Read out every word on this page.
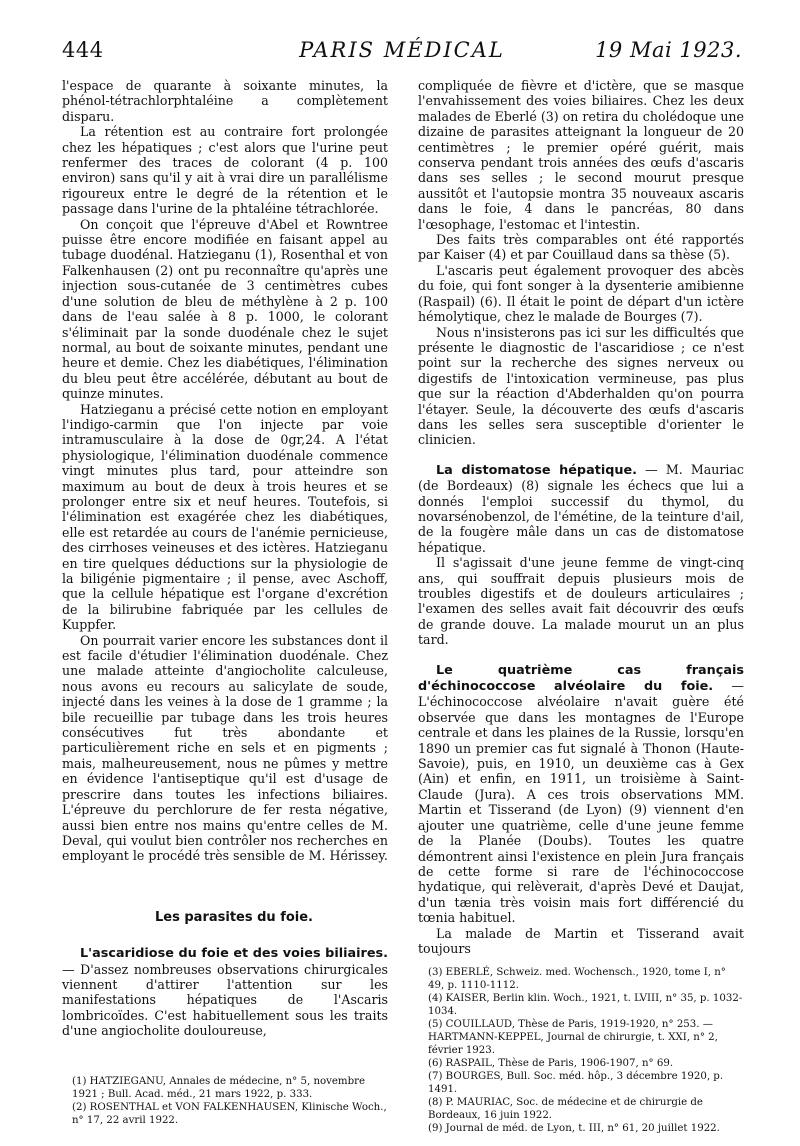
444	PARIS MÉDICAL	19 Mai 1923.

l'espace de quarante à soixante minutes, la phénol-tétrachlorphtaléine a complètement disparu.

La rétention est au contraire fort prolongée chez les hépatiques ; c'est alors que l'urine peut renfermer des traces de colorant (4 p. 100 environ) sans qu'il y ait à vrai dire un parallélisme rigoureux entre le degré de la rétention et le passage dans l'urine de la phtaléine tétrachlorée.

On conçoit que l'épreuve d'Abel et Rowntree puisse être encore modifiée en faisant appel au tubage duodénal. Hatzieganu (1), Rosenthal et von Falkenhausen (2) ont pu reconnaître qu'après une injection sous-cutanée de 3 centimètres cubes d'une solution de bleu de méthylène à 2 p. 100 dans de l'eau salée à 8 p. 1000, le colorant s'éliminait par la sonde duodénale chez le sujet normal, au bout de soixante minutes, pendant une heure et demie. Chez les diabétiques, l'élimination du bleu peut être accélérée, débutant au bout de quinze minutes.

Hatzieganu a précisé cette notion en employant l'indigo-carmin que l'on injecte par voie intramusculaire à la dose de 0gr,24. A l'état physiologique, l'élimination duodénale commence vingt minutes plus tard, pour atteindre son maximum au bout de deux à trois heures et se prolonger entre six et neuf heures. Toutefois, si l'élimination est exagérée chez les diabétiques, elle est retardée au cours de l'anémie pernicieuse, des cirrhoses veineuses et des ictères. Hatzieganu en tire quelques déductions sur la physiologie de la biligénie pigmentaire ; il pense, avec Aschoff, que la cellule hépatique est l'organe d'excrétion de la bilirubine fabriquée par les cellules de Kuppfer.

On pourrait varier encore les substances dont il est facile d'étudier l'élimination duodénale. Chez une malade atteinte d'angiocholite calculeuse, nous avons eu recours au salicylate de soude, injecté dans les veines à la dose de 1 gramme ; la bile recueillie par tubage dans les trois heures consécutives fut très abondante et particulièrement riche en sels et en pigments ; mais, malheureusement, nous ne pûmes y mettre en évidence l'antiseptique qu'il est d'usage de prescrire dans toutes les infections biliaires. L'épreuve du perchlorure de fer resta négative, aussi bien entre nos mains qu'entre celles de M. Deval, qui voulut bien contrôler nos recherches en employant le procédé très sensible de M. Hérissey.

Les parasites du foie.

L'ascaridiose du foie et des voies biliaires. — D'assez nombreuses observations chirurgicales viennent d'attirer l'attention sur les manifestations hépatiques de l'Ascaris lombricoïdes. C'est habituellement sous les traits d'une angiocholite douloureuse,

(1) HATZIEGANU, Annales de médecine, n° 5, novembre 1921 ; Bull. Acad. méd., 21 mars 1922, p. 333.

(2) ROSENTHAL et VON FALKENHAUSEN, Klinische Woch., n° 17, 22 avril 1922.

compliquée de fièvre et d'ictère, que se masque l'envahissement des voies biliaires. Chez les deux malades de Eberlé (3) on retira du cholédoque une dizaine de parasites atteignant la longueur de 20 centimètres ; le premier opéré guérit, mais conserva pendant trois années des œufs d'ascaris dans ses selles ; le second mourut presque aussitôt et l'autopsie montra 35 nouveaux ascaris dans le foie, 4 dans le pancréas, 80 dans l'œsophage, l'estomac et l'intestin.

Des faits très comparables ont été rapportés par Kaiser (4) et par Couillaud dans sa thèse (5).

L'ascaris peut également provoquer des abcès du foie, qui font songer à la dysenterie amibienne (Raspail) (6). Il était le point de départ d'un ictère hémolytique, chez le malade de Bourges (7).

Nous n'insisterons pas ici sur les difficultés que présente le diagnostic de l'ascaridiose ; ce n'est point sur la recherche des signes nerveux ou digestifs de l'intoxication vermineuse, pas plus que sur la réaction d'Abderhalden qu'on pourra l'étayer. Seule, la découverte des œufs d'ascaris dans les selles sera susceptible d'orienter le clinicien.

La distomatose hépatique. — M. Mauriac (de Bordeaux) (8) signale les échecs que lui a donnés l'emploi successif du thymol, du novarsénobenzol, de l'émétine, de la teinture d'ail, de la fougère mâle dans un cas de distomatose hépatique.

Il s'agissait d'une jeune femme de vingt-cinq ans, qui souffrait depuis plusieurs mois de troubles digestifs et de douleurs articulaires ; l'examen des selles avait fait découvrir des œufs de grande douve. La malade mourut un an plus tard.

Le quatrième cas français d'échinococcose alvéolaire du foie. — L'échinococcose alvéolaire n'avait guère été observée que dans les montagnes de l'Europe centrale et dans les plaines de la Russie, lorsqu'en 1890 un premier cas fut signalé à Thonon (Haute-Savoie), puis, en 1910, un deuxième cas à Gex (Ain) et enfin, en 1911, un troisième à Saint-Claude (Jura). A ces trois observations MM. Martin et Tisserand (de Lyon) (9) viennent d'en ajouter une quatrième, celle d'une jeune femme de la Planée (Doubs). Toutes les quatre démontrent ainsi l'existence en plein Jura français de cette forme si rare de l'échinococcose hydatique, qui relèverait, d'après Devé et Daujat, d'un tænia très voisin mais fort différencié du tœnia habituel.

La malade de Martin et Tisserand avait toujours

(3) EBERLÉ, Schweiz. med. Wochensch., 1920, tome I, n° 49, p. 1110-1112.

(4) KAISER, Berlin klin. Woch., 1921, t. LVIII, n° 35, p. 1032-1034.

(5) COUILLAUD, Thèse de Paris, 1919-1920, n° 253. — HARTMANN-KEPPEL, Journal de chirurgie, t. XXI, n° 2, février 1923.

(6) RASPAIL, Thèse de Paris, 1906-1907, n° 69.

(7) BOURGES, Bull. Soc. méd. hôp., 3 décembre 1920, p. 1491.

(8) P. MAURIAC, Soc. de médecine et de chirurgie de Bordeaux, 16 juin 1922.

(9) Journal de méd. de Lyon, t. III, n° 61, 20 juillet 1922.
